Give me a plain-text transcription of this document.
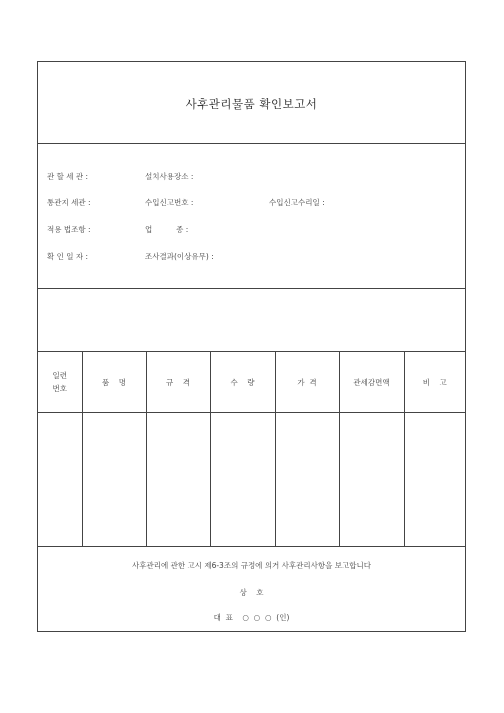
사후관리물품 확인보고서
관 할 세 관 :	설치사용장소 :
통관지 세관 :	수입신고번호 :	수입신고수리일 :
적용 법조항 :	업          종 :
확 인 일 자 :	조사결과(이상유무) :
일련
번호	품    명	규    격	수    량	가  격	관세감면액	비    고

사후관리에 관한 고시 제6-3조의 규정에 의거 사후관리사항을 보고합니다
상    호
대  표    ○  ○  ○  (인)
